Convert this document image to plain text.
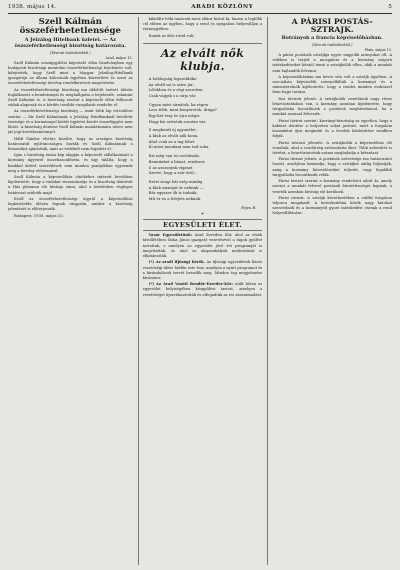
1938. május 14.	ARADI KÖZLÖNY	5
Szell Kálmán összeférhetetlensége
A Jelzálog Hitelbank üzletei. — Az öszszeférhetlenségi bizottság határozata.
(Távirati tudósítónktól.)
Arad, május 13.

Szell Kálmán országgyűlési képviselő ellen beadványban egy budapesti bizottsági mentelmi összeférhetlenségi bejelentés volt, kifejtették, hogy Szell mint a Magyar Jelzálog-Hitelbank igazgatója az állami kölcsönök ügyében közvetített és ezzel az összeférhetetlenségi törvény rendelkezéseit megsértette.

Az összeférhetetlenségi bizottság ma délelőtt tartott ülésén foglalkozott a beadvánnyal és meghallgatta a bejelentőt, valamint Szell Kálmánt is. A bizottság szerint a képviselő ellen felhozott vádak alaposak és a kérdés további vizsgálatát rendelte el.

Az összeférhetetlenségi bizottság — mint több lap értesülése szerint — hír Szell Kálmánnak a Jelzálog Hitelbanknál betöltött tisztsége és a kormánnyal kötött ügyletei között összefüggést nem látott. A bizottság döntése Szell Kálmán mandátumára nézve nem jár jogi következménnyel.

Hálfi Sándor elvtárs közölte, hogy az országos bizottság határozatát nyilvánosságra hozták és Szell Kálmánnak a lemondást ajánlották, amit az érdekelt nem fogadott el.

Igen s bizottság tiszta kép alapján a képviselő vállalkozásait a kormány ügyeivel összehasonlította, és úgy találta, hogy a bankkal kötött szerződések nem minden pontjukban egyeznek meg a törvény előírásaival.

Szell Kálmán a képviselőház elnökéhez intézett levelében kijelentette, hogy a vádakat visszautasítja és a bizottság döntését a Ház plénuma elé kívánja vinni, ahol a kérdésben végleges határozat születik majd.

Erről az összeférhetetlenségi ügyről a képviselőház legközelebbi ülésén fognak tárgyalni, amikor a bizottság jelentését is előterjesztik.

Budapest, 1938. május 13.

kiküldte lelki tanácsát most ekkor biztat ki, hiszen a legfőbb cél ebben az ügyben, hogy a rend és nyugalom helyreálljon a vármegyében.

Ennek az ülés rövid volt.

Az elvált nők klubja.
A boldogság legszebbike:
Az elvált nő is szíve jár...
Lélekben és a régi szerelem
Csak vágyik s a sírja vár.
Ugyan mért sírnátok, ha régen
Lesz több, mint kenyeretek, drága?
Egy-két évig és újra mégis
Hogy kis szívetek sorsára vár.
S megkezdi új agyonélet.
A klub az elvált nők hona,
Ahol csak az a tag lehet
Ki mást mondani nem tud soha.
Ezt még van és cselekszik,
Bennünket a bánat, rendszer,
S az asszonyok vigaszt
Szerte, hogy a szív örül...
Ezért zengi hát szép mindig
A klub mennyit ér nekünk —
Bár egyszer ők is tudnák,
Mit ér ez a felejtés nekünk.
Fejes B.
✶
EGYESÜLETI ÉLET.

Vasár Egyesületünk: Arad Ezredesi Kör, ahol az elnök távollétében Siska János igazgató vezetésével a tagok gyűlést tartottak, s amelyen az egyesület jövő évi programját is megvitatták, és ahol az alapszabályok módosítását is elhatározták.

(*) Az aradi ifjúsági körök. Az ifjúsági egyesületek közös vezetőségi ülése hétfőn este lesz, amelyen a nyári programot és a kirándulások tervét beszélik meg. Minden tag megjelenése kívánatos.

(*) Az Arad Vasúti Rendőr-Ezredes-Kör: múlt héten az egyesület helyiségében közgyűlést tartott, amelyen a vezetőséget újraválasztották és elfogadták az évi zárszámadást.

A PÁRISI POSTÁS-SZTRAJK.
Botrányok a francia képviselőházban.
(Távirati tudósítónktól.)
Páris, május 13.

A párisi postások sztrájkja egyre nagyobb arányokat ölt. A vidéken is terjed a mozgalom és a kormány szigorú intézkedéseket készül tenni a sztrájkolók ellen, akik a munkát nem hajlandók felvenni.

A képviselőházban ma heves vita volt a sztrájk ügyében. A szocialista képviselők interpellálták a kormányt és a miniszterelnök kijelentette, hogy a rendet minden eszközzel fenn fogja tartani.

Hat távirati jelenti: A sztrájkolók vezetőinek nagy része letartóztatásban van, a kormány azonban kijelentette, hogy tárgyalásba bocsátkozik a postások megbízottaival, ha a munkát azonnal felveszik.

Párisi távirat szerint: Korrányi-bizottság az egyetlen, hogy a kabinet döntése a helyzeten sokat javított, mert a forgalom lassanként újra megindul és a levelek kézbesítése rendben folyik.

Párisi távirati jelentés: A sztrájkolók a képviselőház elé vonultak, ahol a rendőrség szétoszlatta őket. Több sebesülés is történt, a letartóztatottak száma meghaladja a kétszázat.

Párisi távirat jelenti: A postások szövetsége ma határozatot hozott, amelyben kimondja, hogy a sztrájkot addig folytatják, amíg a kormány követeléseiket teljesíti, vagy legalább tárgyalásba bocsátkozik velük.

Párisi távirat szerint a kormány rendeletet adott ki, amely szerint a munkát felvevő postások büntetlenséget kapnak, a vezetők azonban bíróság elé kerülnek.

Párisi távirat: A sztrájk következtében a vidéki forgalom teljesen megakadt. A kereskedelmi körök nagy károkat szenvednek és a kormánytól gyors intézkedést várnak a rend helyreállítására.
